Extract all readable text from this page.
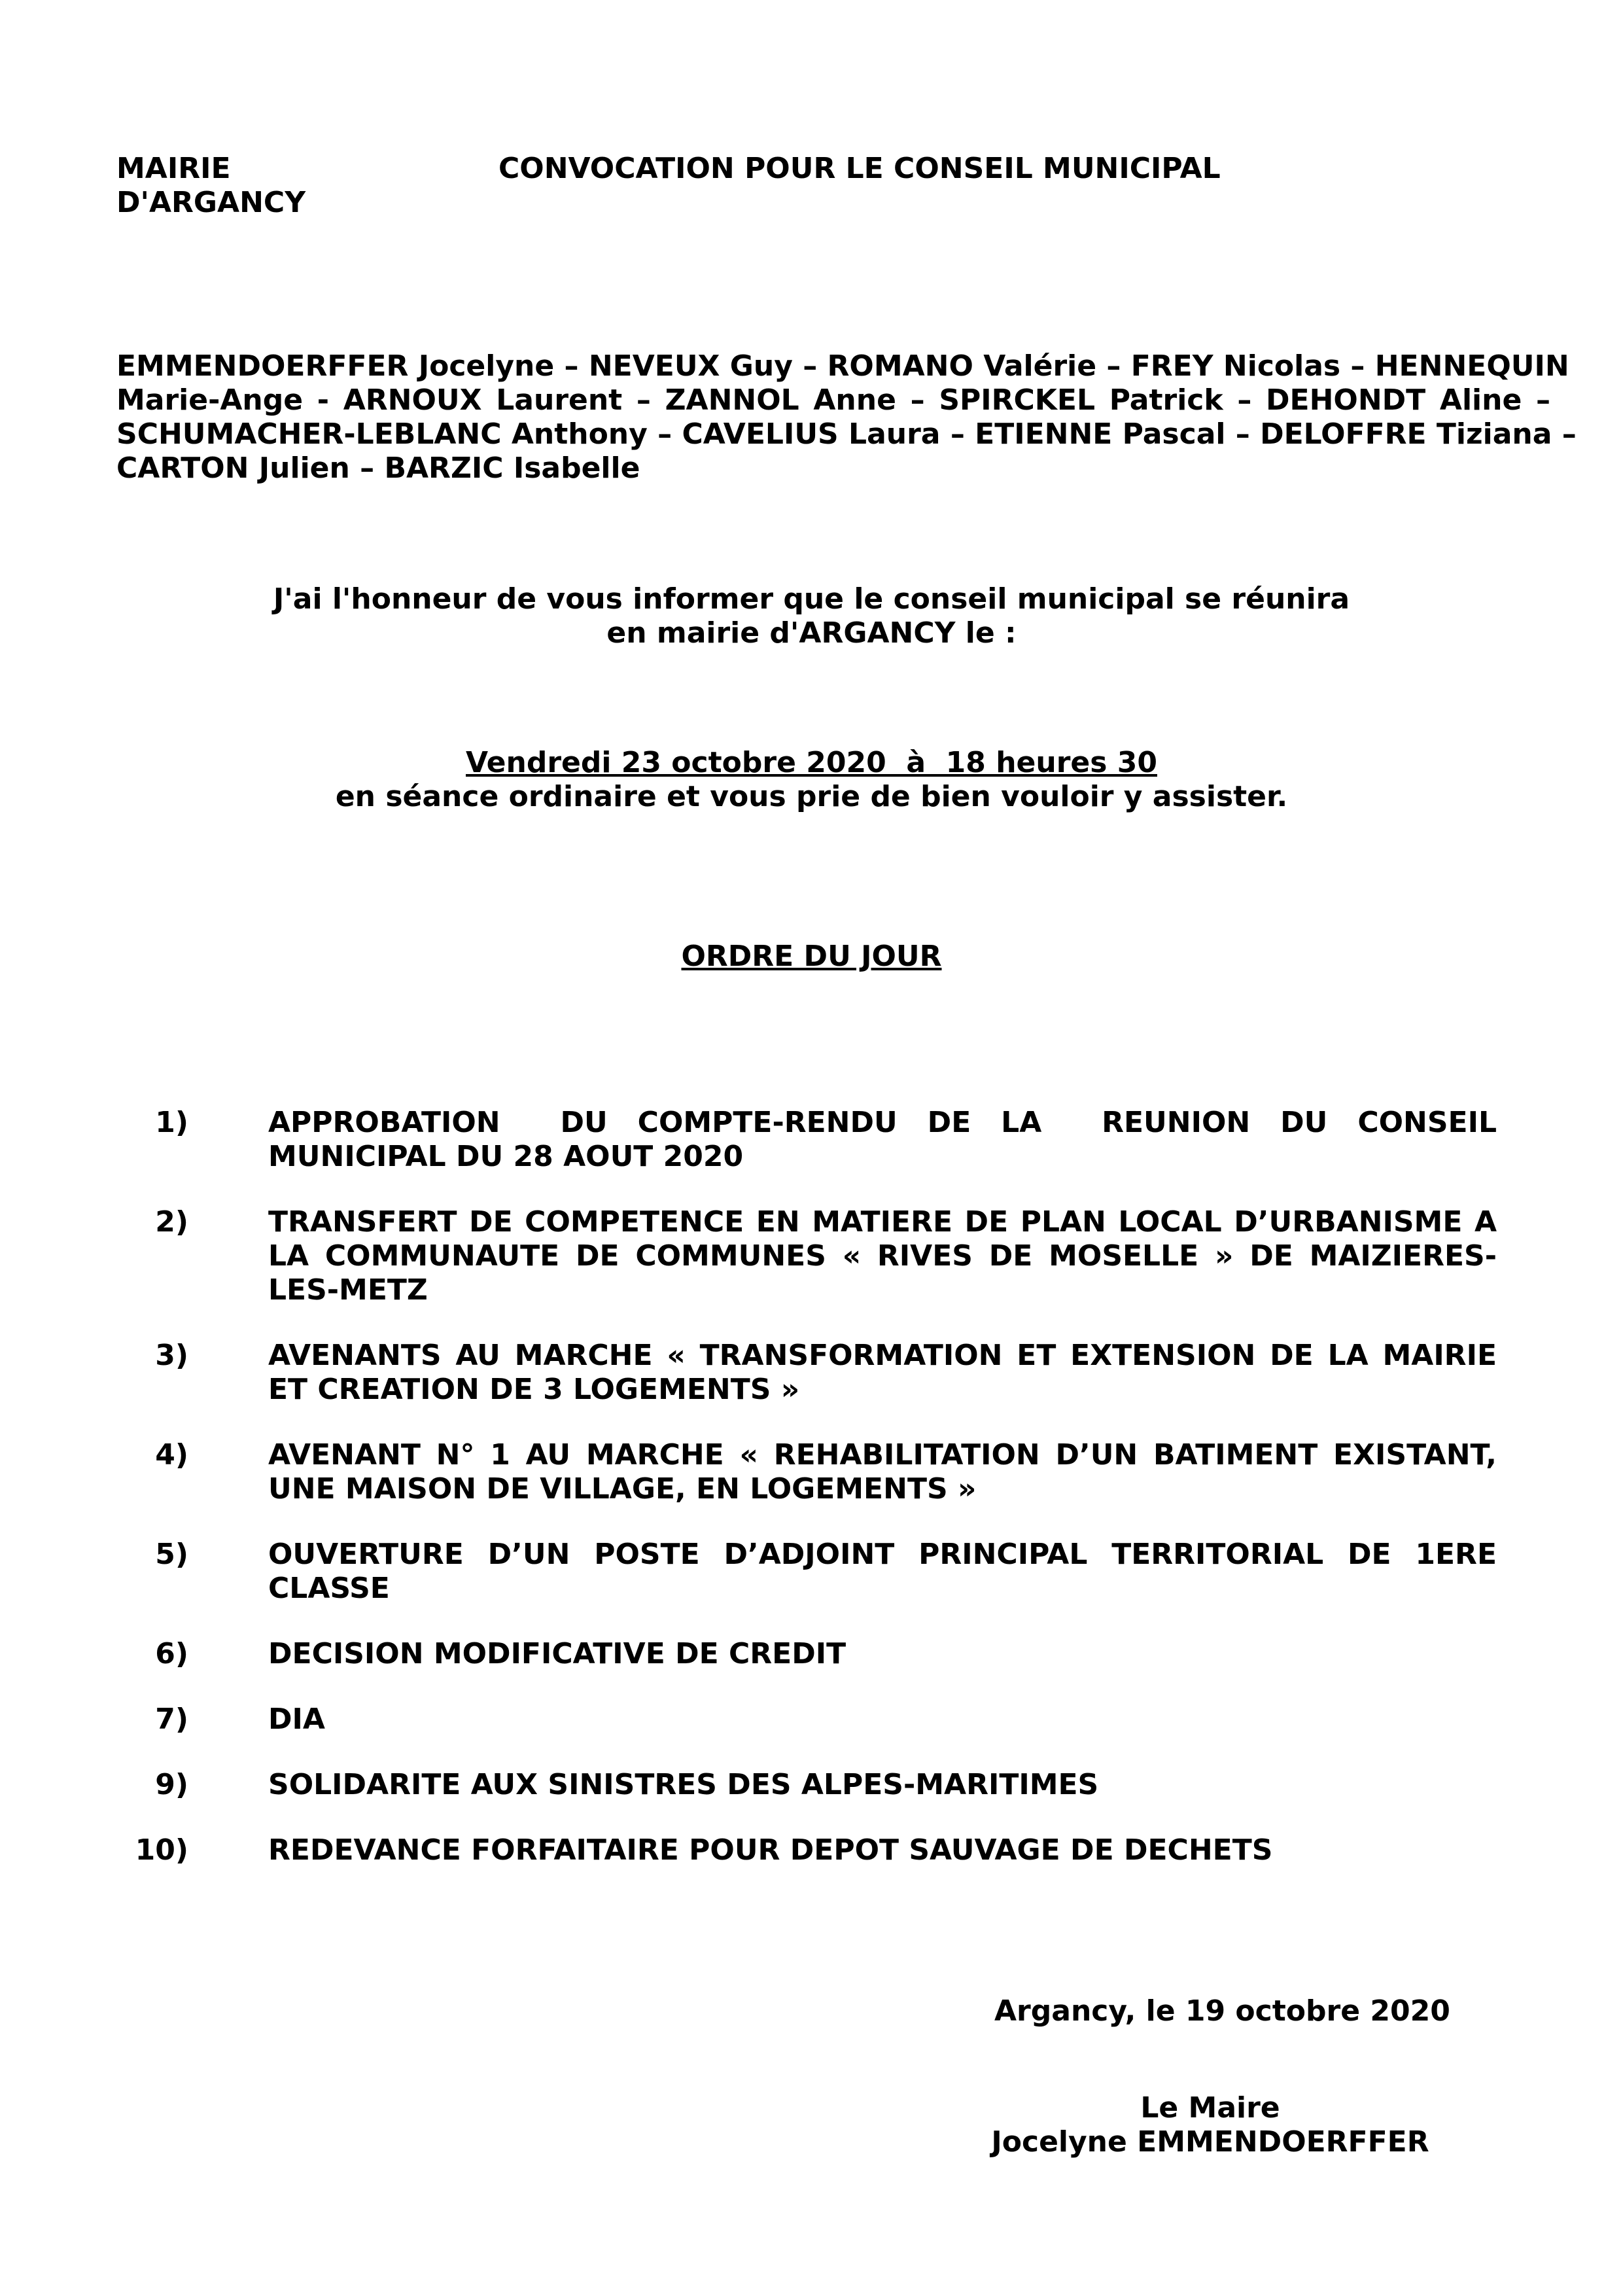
MAIRIE
D'ARGANCY
CONVOCATION POUR LE CONSEIL MUNICIPAL
EMMENDOERFFER Jocelyne – NEVEUX Guy – ROMANO Valérie – FREY Nicolas – HENNEQUIN
Marie-Ange - ARNOUX Laurent – ZANNOL Anne – SPIRCKEL Patrick – DEHONDT Aline –
SCHUMACHER-LEBLANC Anthony – CAVELIUS Laura – ETIENNE Pascal – DELOFFRE Tiziana –
CARTON Julien – BARZIC Isabelle
J'ai l'honneur de vous informer que le conseil municipal se réunira
en mairie d'ARGANCY le :
Vendredi 23 octobre 2020  à  18 heures 30
en séance ordinaire et vous prie de bien vouloir y assister.
ORDRE DU JOUR
1)	APPROBATION  DU COMPTE-RENDU DE LA  REUNION DU CONSEIL MUNICIPAL DU 28 AOUT 2020
2)	TRANSFERT DE COMPETENCE EN MATIERE DE PLAN LOCAL D’URBANISME A LA COMMUNAUTE DE COMMUNES « RIVES DE MOSELLE » DE MAIZIERES-LES-METZ
3)	AVENANTS AU MARCHE « TRANSFORMATION ET EXTENSION DE LA MAIRIE ET CREATION DE 3 LOGEMENTS »
4)	AVENANT N° 1 AU MARCHE « REHABILITATION D’UN BATIMENT EXISTANT, UNE MAISON DE VILLAGE, EN LOGEMENTS »
5)	OUVERTURE D’UN POSTE D’ADJOINT PRINCIPAL TERRITORIAL DE 1ERE CLASSE
6)	DECISION MODIFICATIVE DE CREDIT
7)	DIA
9)	SOLIDARITE AUX SINISTRES DES ALPES-MARITIMES
10)	REDEVANCE FORFAITAIRE POUR DEPOT SAUVAGE DE DECHETS
Argancy, le 19 octobre 2020
Le Maire
Jocelyne EMMENDOERFFER
